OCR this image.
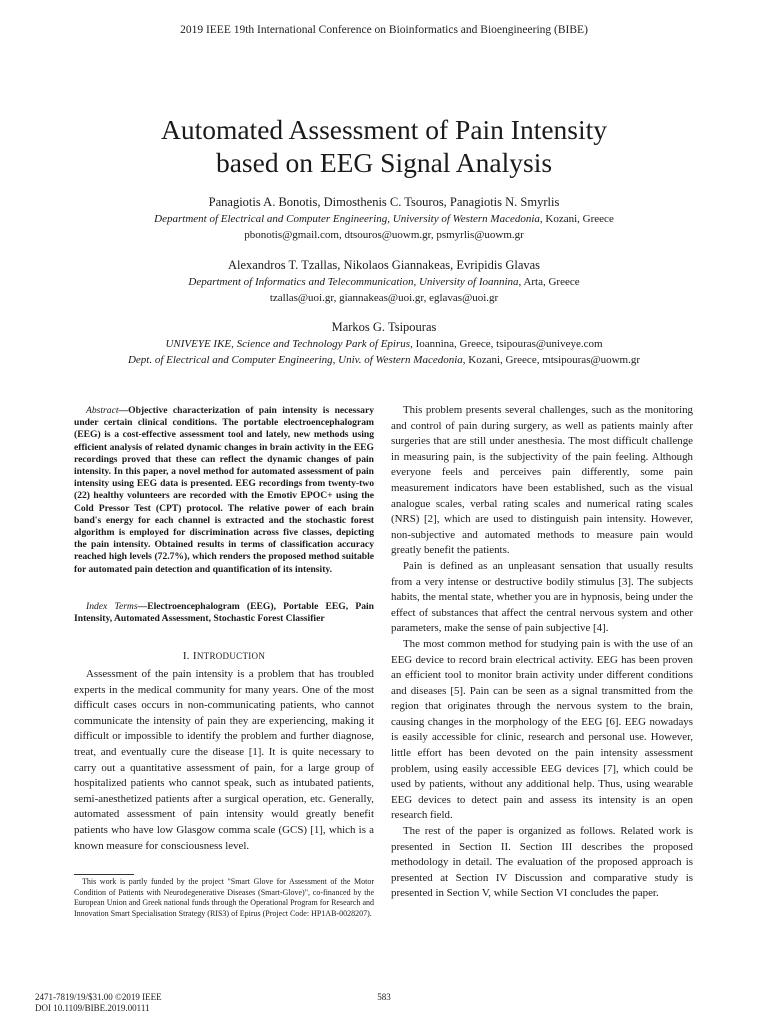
2019 IEEE 19th International Conference on Bioinformatics and Bioengineering (BIBE)
Automated Assessment of Pain Intensity
based on EEG Signal Analysis
Panagiotis A. Bonotis, Dimosthenis C. Tsouros, Panagiotis N. Smyrlis
Department of Electrical and Computer Engineering, University of Western Macedonia, Kozani, Greece
pbonotis@gmail.com, dtsouros@uowm.gr, psmyrlis@uowm.gr
Alexandros T. Tzallas, Nikolaos Giannakeas, Evripidis Glavas
Department of Informatics and Telecommunication, University of Ioannina, Arta, Greece
tzallas@uoi.gr, giannakeas@uoi.gr, eglavas@uoi.gr
Markos G. Tsipouras
UNIVEYE IKE, Science and Technology Park of Epirus, Ioannina, Greece, tsipouras@univeye.com
Dept. of Electrical and Computer Engineering, Univ. of Western Macedonia, Kozani, Greece, mtsipouras@uowm.gr
Abstract—Objective characterization of pain intensity is necessary under certain clinical conditions. The portable electroencephalogram (EEG) is a cost-effective assessment tool and lately, new methods using efficient analysis of related dynamic changes in brain activity in the EEG recordings proved that these can reflect the dynamic changes of pain intensity. In this paper, a novel method for automated assessment of pain intensity using EEG data is presented. EEG recordings from twenty-two (22) healthy volunteers are recorded with the Emotiv EPOC+ using the Cold Pressor Test (CPT) protocol. The relative power of each brain band's energy for each channel is extracted and the stochastic forest algorithm is employed for discrimination across five classes, depicting the pain intensity. Obtained results in terms of classification accuracy reached high levels (72.7%), which renders the proposed method suitable for automated pain detection and quantification of its intensity.
Index Terms—Electroencephalogram (EEG), Portable EEG, Pain Intensity, Automated Assessment, Stochastic Forest Classifier
I. INTRODUCTION

Assessment of the pain intensity is a problem that has troubled experts in the medical community for many years. One of the most difficult cases occurs in non-communicating patients, who cannot communicate the intensity of pain they are experiencing, making it difficult or impossible to identify the problem and further diagnose, treat, and eventually cure the disease [1]. It is quite necessary to carry out a quantitative assessment of pain, for a large group of hospitalized patients who cannot speak, such as intubated patients, semi-anesthetized patients after a surgical operation, etc. Generally, automated assessment of pain intensity would greatly benefit patients who have low Glasgow comma scale (GCS) [1], which is a known measure for consciousness level.

This work is partly funded by the project "Smart Glove for Assessment of the Motor Condition of Patients with Neurodegenerative Diseases (Smart-Glove)", co-financed by the European Union and Greek national funds through the Operational Program for Research and Innovation Smart Specialisation Strategy (RIS3) of Epirus (Project Code: HP1AB-0028207).

This problem presents several challenges, such as the monitoring and control of pain during surgery, as well as patients mainly after surgeries that are still under anesthesia. The most difficult challenge in measuring pain, is the subjectivity of the pain feeling. Although everyone feels and perceives pain differently, some pain measurement indicators have been established, such as the visual analogue scales, verbal rating scales and numerical rating scales (NRS) [2], which are used to distinguish pain intensity. However, non-subjective and automated methods to measure pain would greatly benefit the patients.

Pain is defined as an unpleasant sensation that usually results from a very intense or destructive bodily stimulus [3]. The subjects habits, the mental state, whether you are in hypnosis, being under the effect of substances that affect the central nervous system and other parameters, make the sense of pain subjective [4].

The most common method for studying pain is with the use of an EEG device to record brain electrical activity. EEG has been proven an efficient tool to monitor brain activity under different conditions and diseases [5]. Pain can be seen as a signal transmitted from the region that originates through the nervous system to the brain, causing changes in the morphology of the EEG [6]. EEG nowadays is easily accessible for clinic, research and personal use. However, little effort has been devoted on the pain intensity assessment problem, using easily accessible EEG devices [7], which could be used by patients, without any additional help. Thus, using wearable EEG devices to detect pain and assess its intensity is an open research field.

The rest of the paper is organized as follows. Related work is presented in Section II. Section III describes the proposed methodology in detail. The evaluation of the proposed approach is presented at Section IV Discussion and comparative study is presented in Section V, while Section VI concludes the paper.

2471-7819/19/$31.00 ©2019 IEEE
DOI 10.1109/BIBE.2019.00111
583
